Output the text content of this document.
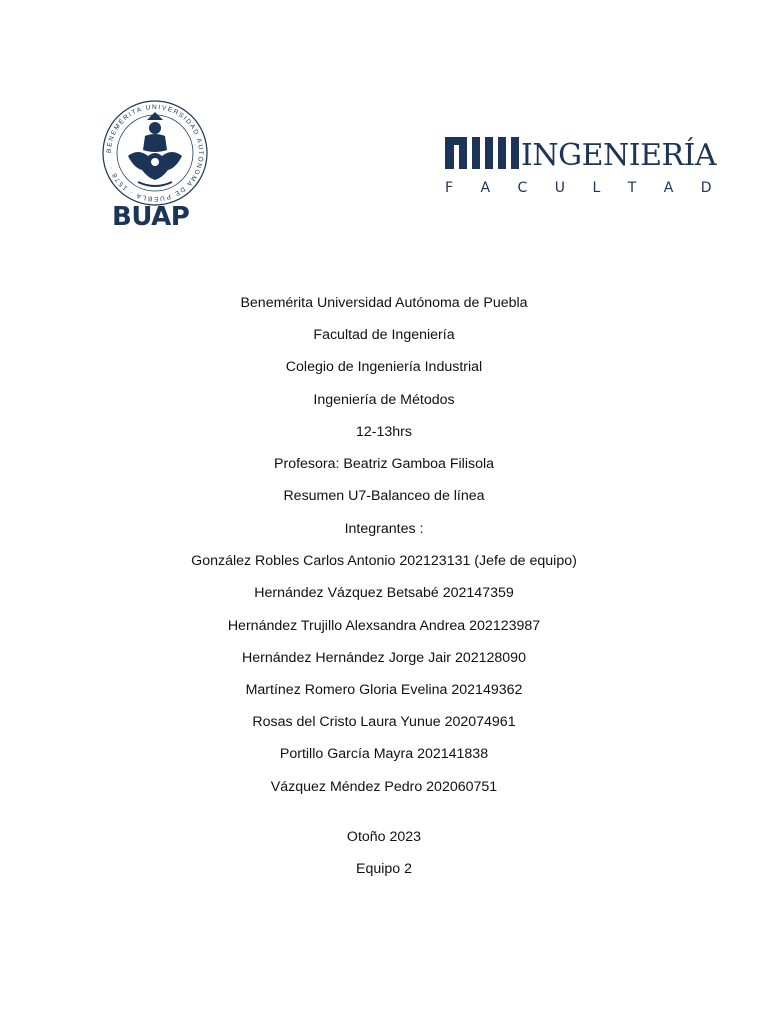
BENEMÉRITA UNIVERSIDAD AUTÓNOMA DE PUEBLA · 1578 ·
BUAP
INGENIERÍA
F A C U L T A D
Benemérita Universidad Autónoma de Puebla
Facultad de Ingeniería
Colegio de Ingeniería Industrial
Ingeniería de Métodos
12-13hrs
Profesora: Beatriz Gamboa Filisola
Resumen U7-Balanceo de línea
Integrantes :
González Robles Carlos Antonio 202123131 (Jefe de equipo)
Hernández Vázquez Betsabé 202147359
Hernández Trujillo Alexsandra Andrea 202123987
Hernández Hernández Jorge Jair 202128090
Martínez Romero Gloria Evelina 202149362
Rosas del Cristo Laura Yunue 202074961
Portillo García Mayra 202141838
Vázquez Méndez Pedro 202060751
Otoño 2023
Equipo 2
